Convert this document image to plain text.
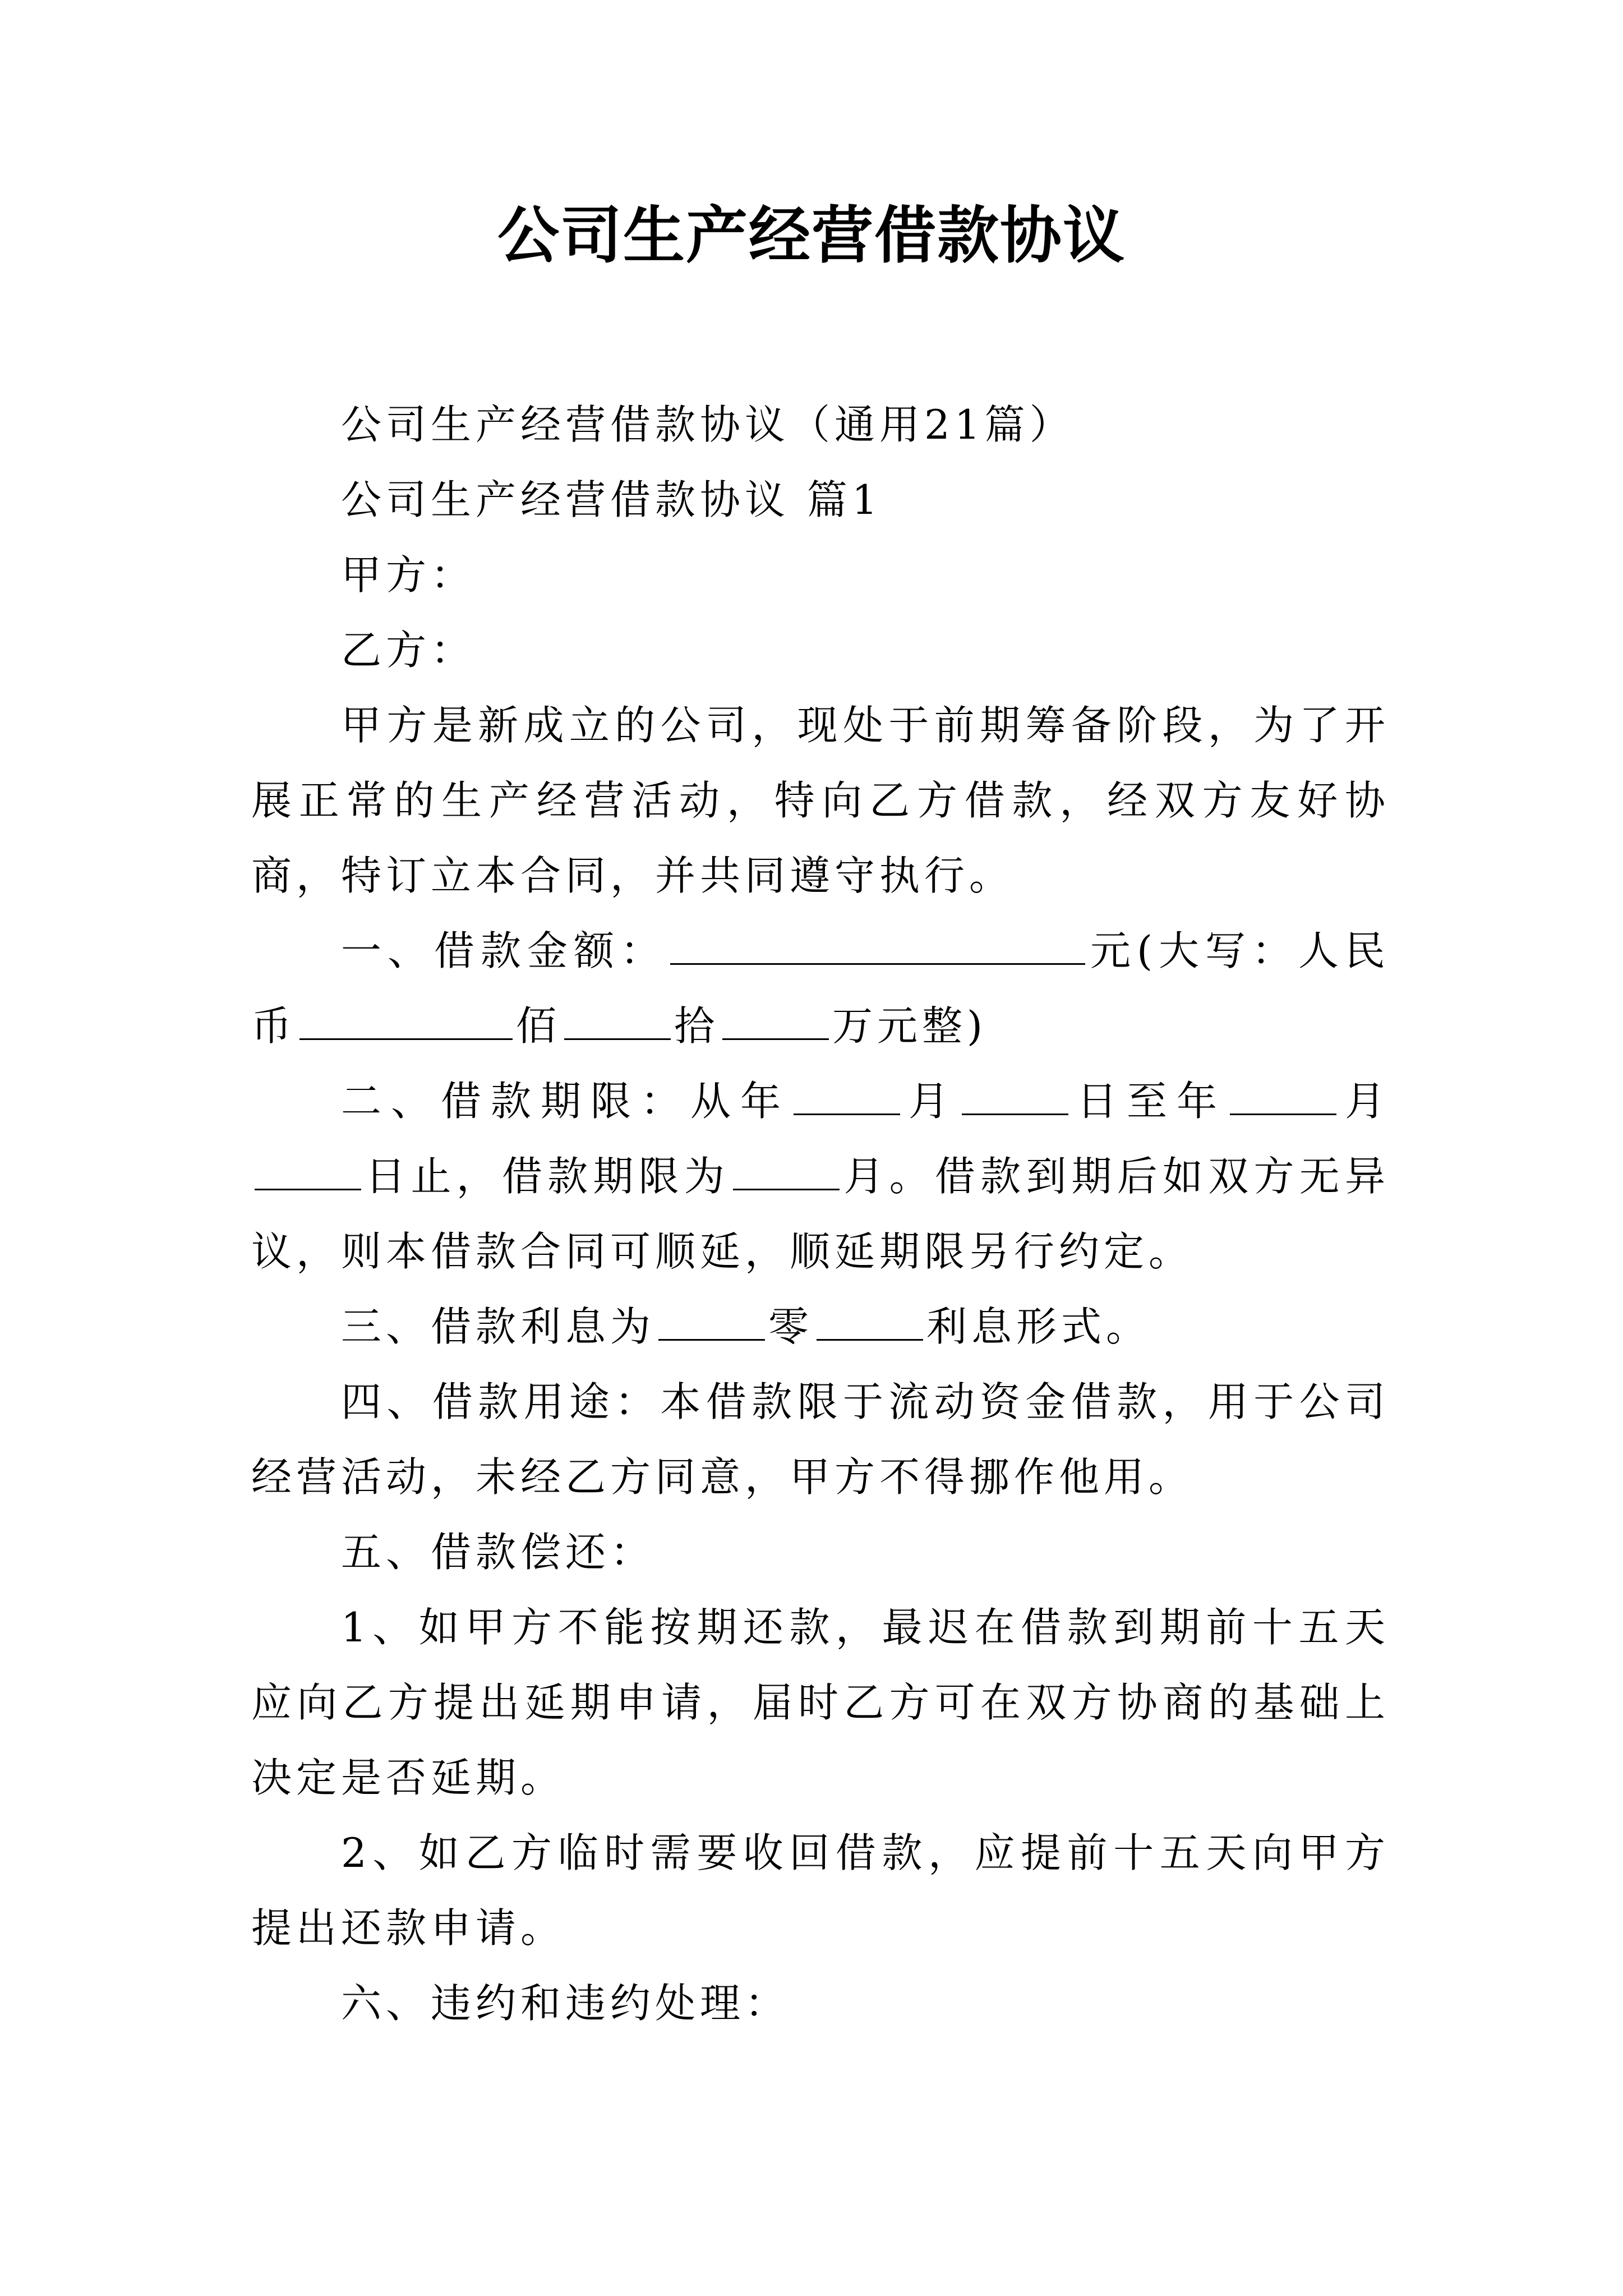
公司生产经营借款协议

公司生产经营借款协议（通用21篇）

公司生产经营借款协议 篇1

甲方：

乙方：

甲方是新成立的公司，现处于前期筹备阶段，为了开展正常的生产经营活动，特向乙方借款，经双方友好协商，特订立本合同，并共同遵守执行。

一、借款金额：	元(大写：人民币	佰	拾	万元整)

二、借款期限：从年	月	日至年	月日止，借款期限为	月。借款到期后如双方无异议，则本借款合同可顺延，顺延期限另行约定。

三、借款利息为	零	利息形式。

四、借款用途：本借款限于流动资金借款，用于公司经营活动，未经乙方同意，甲方不得挪作他用。

五、借款偿还：

1、如甲方不能按期还款，最迟在借款到期前十五天应向乙方提出延期申请，届时乙方可在双方协商的基础上决定是否延期。

2、如乙方临时需要收回借款，应提前十五天向甲方提出还款申请。

六、违约和违约处理：
